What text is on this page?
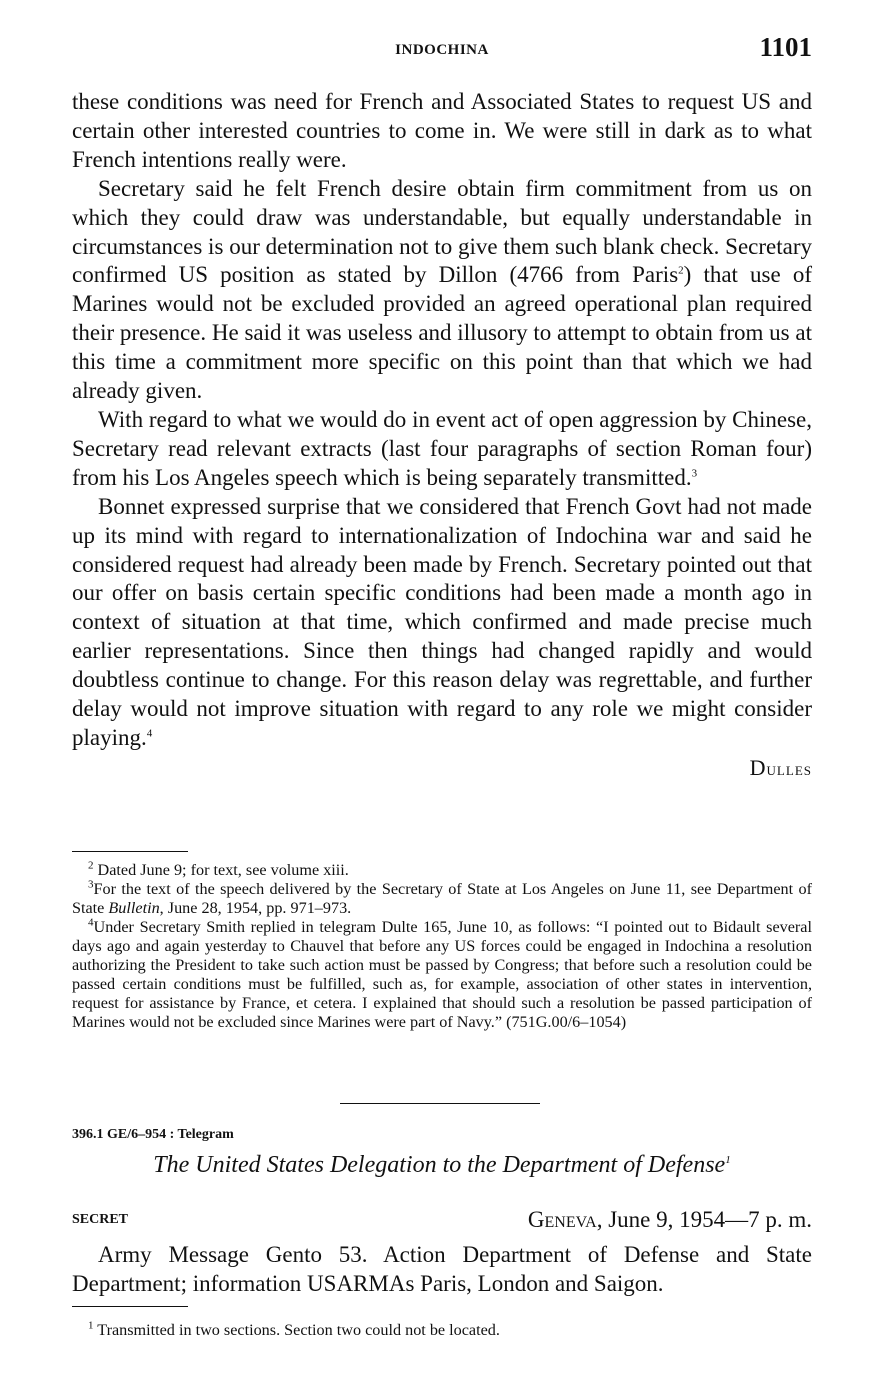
INDOCHINA	1101

these conditions was need for French and Associated States to request US and certain other interested countries to come in. We were still in dark as to what French intentions really were.

Secretary said he felt French desire obtain firm commitment from us on which they could draw was understandable, but equally understandable in circumstances is our determination not to give them such blank check. Secretary confirmed US position as stated by Dillon (4766 from Paris$^2$) that use of Marines would not be excluded provided an agreed operational plan required their presence. He said it was useless and illusory to attempt to obtain from us at this time a commitment more specific on this point than that which we had already given.

With regard to what we would do in event act of open aggression by Chinese, Secretary read relevant extracts (last four paragraphs of section Roman four) from his Los Angeles speech which is being separately transmitted.$^3$

Bonnet expressed surprise that we considered that French Govt had not made up its mind with regard to internationalization of Indochina war and said he considered request had already been made by French. Secretary pointed out that our offer on basis certain specific conditions had been made a month ago in context of situation at that time, which confirmed and made precise much earlier representations. Since then things had changed rapidly and would doubtless continue to change. For this reason delay was regrettable, and further delay would not improve situation with regard to any role we might consider playing.$^4$

Dulles

$^2$ Dated June 9; for text, see volume xiii.

$^3$For the text of the speech delivered by the Secretary of State at Los Angeles on June 11, see Department of State Bulletin, June 28, 1954, pp. 971–973.

$^4$Under Secretary Smith replied in telegram Dulte 165, June 10, as follows: “I pointed out to Bidault several days ago and again yesterday to Chauvel that before any US forces could be engaged in Indochina a resolution authorizing the President to take such action must be passed by Congress; that before such a resolution could be passed certain conditions must be fulfilled, such as, for example, association of other states in intervention, request for assistance by France, et cetera. I explained that should such a resolution be passed participation of Marines would not be excluded since Marines were part of Navy.” (751G.00/6–1054)

396.1 GE/6–954 : Telegram
The United States Delegation to the Department of Defense$^1$
SECRET	Geneva, June 9, 1954—7 p. m.

Army Message Gento 53. Action Department of Defense and State Department; information USARMAs Paris, London and Saigon.

$^1$ Transmitted in two sections. Section two could not be located.
